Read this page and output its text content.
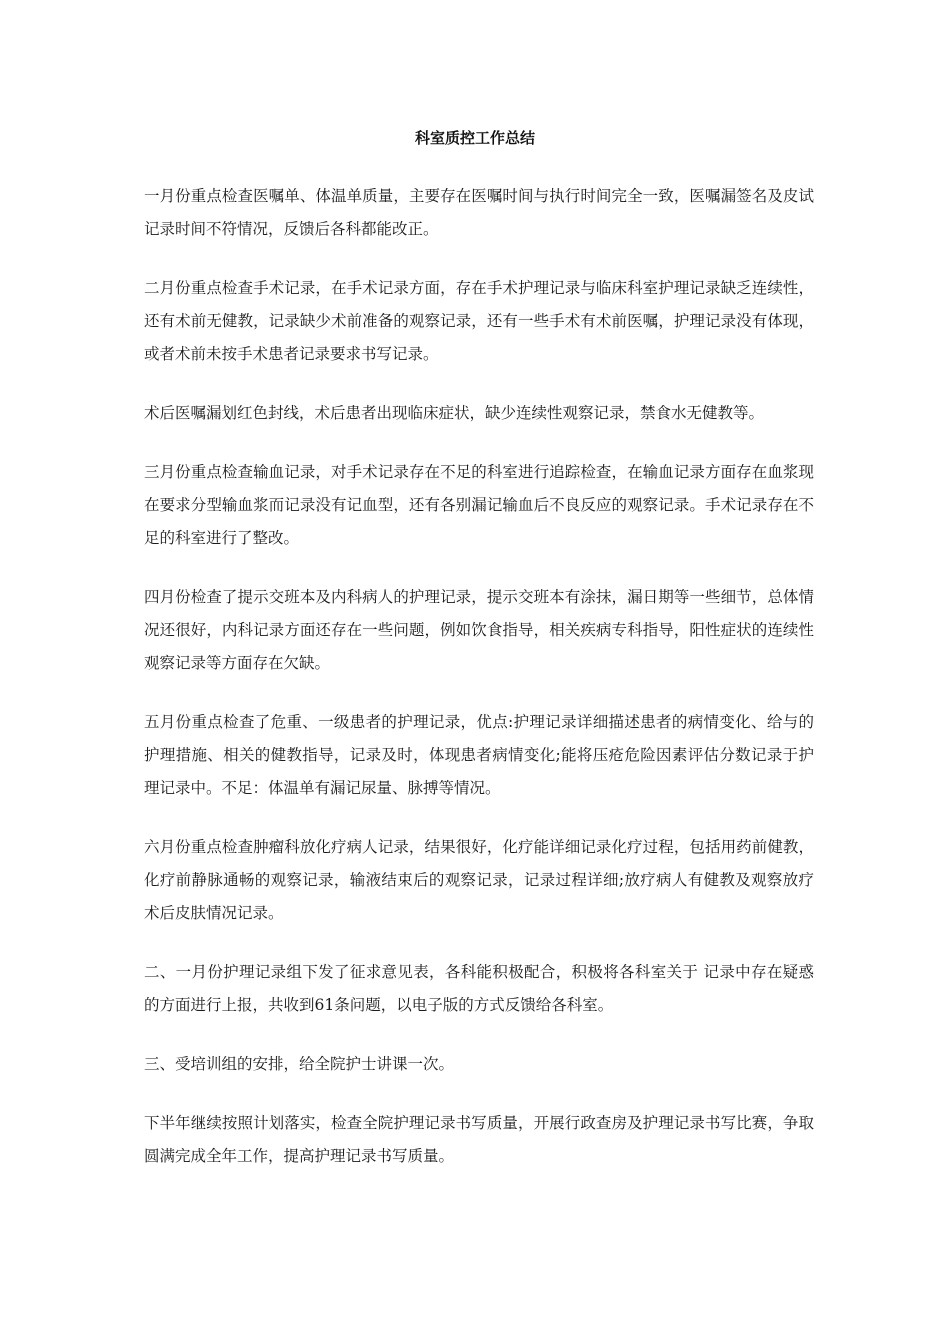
科室质控工作总结

一月份重点检查医嘱单、体温单质量，主要存在医嘱时间与执行时间完全一致，医嘱漏签名及皮试记录时间不符情况，反馈后各科都能改正。

二月份重点检查手术记录，在手术记录方面，存在手术护理记录与临床科室护理记录缺乏连续性，还有术前无健教，记录缺少术前准备的观察记录，还有一些手术有术前医嘱，护理记录没有体现，或者术前未按手术患者记录要求书写记录。

术后医嘱漏划红色封线，术后患者出现临床症状，缺少连续性观察记录，禁食水无健教等。

三月份重点检查输血记录，对手术记录存在不足的科室进行追踪检查，在输血记录方面存在血浆现在要求分型输血浆而记录没有记血型，还有各别漏记输血后不良反应的观察记录。手术记录存在不足的科室进行了整改。

四月份检查了提示交班本及内科病人的护理记录，提示交班本有涂抹，漏日期等一些细节，总体情况还很好，内科记录方面还存在一些问题，例如饮食指导，相关疾病专科指导，阳性症状的连续性观察记录等方面存在欠缺。

五月份重点检查了危重、一级患者的护理记录，优点:护理记录详细描述患者的病情变化、给与的护理措施、相关的健教指导，记录及时，体现患者病情变化;能将压疮危险因素评估分数记录于护理记录中。不足：体温单有漏记尿量、脉搏等情况。

六月份重点检查肿瘤科放化疗病人记录，结果很好，化疗能详细记录化疗过程，包括用药前健教，化疗前静脉通畅的观察记录，输液结束后的观察记录，记录过程详细;放疗病人有健教及观察放疗术后皮肤情况记录。

二、一月份护理记录组下发了征求意见表，各科能积极配合，积极将各科室关于 记录中存在疑惑的方面进行上报，共收到61条问题，以电子版的方式反馈给各科室。

三、受培训组的安排，给全院护士讲课一次。

下半年继续按照计划落实，检查全院护理记录书写质量，开展行政查房及护理记录书写比赛，争取圆满完成全年工作，提高护理记录书写质量。
